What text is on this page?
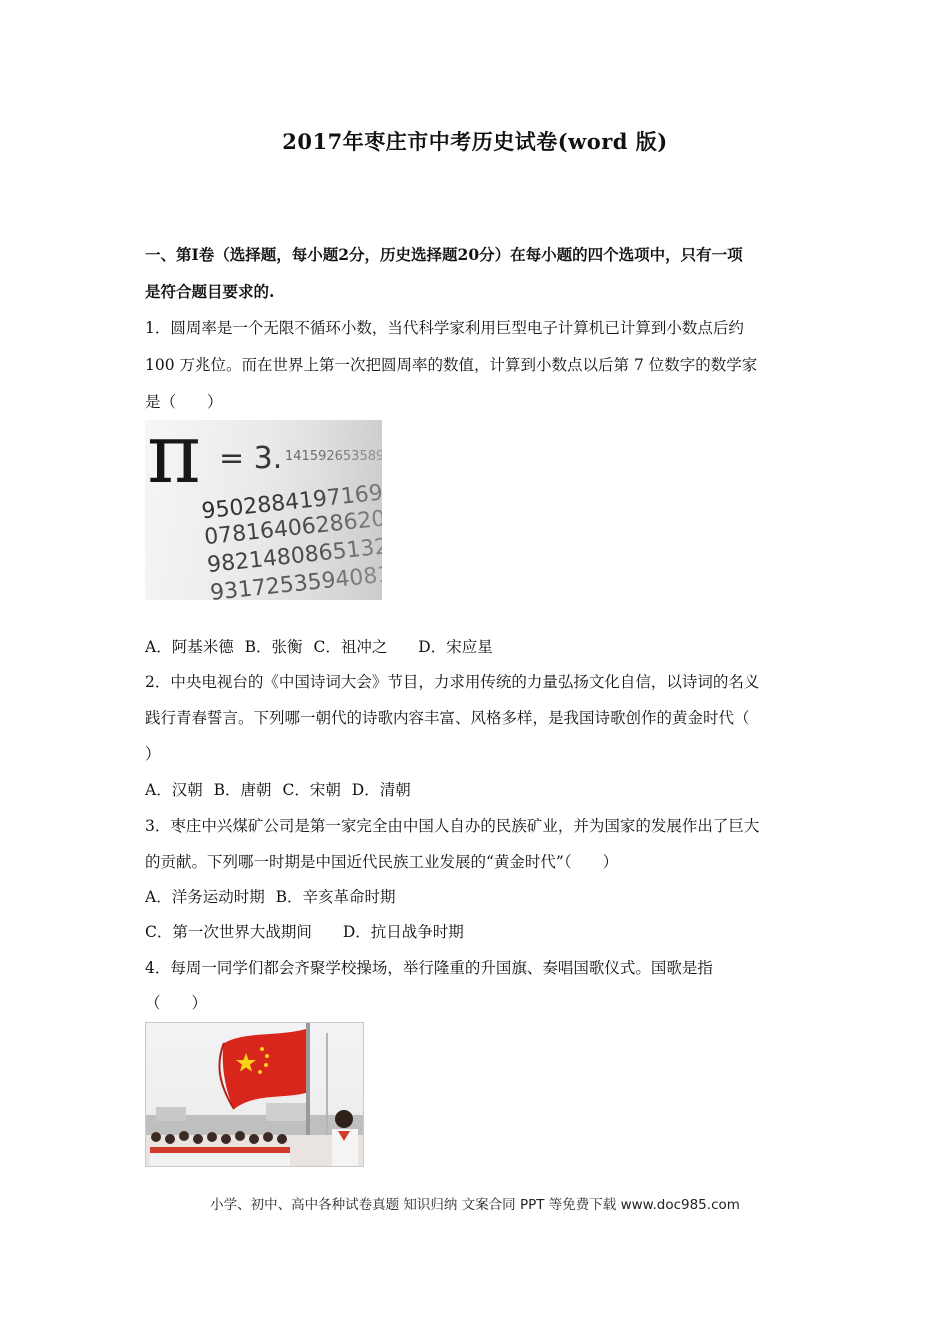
2017年枣庄市中考历史试卷(word 版)
一、第Ⅰ卷（选择题，每小题2分，历史选择题20分）在每小题的四个选项中，只有一项
是符合题目要求的.
1．圆周率是一个无限不循环小数，当代科学家利用巨型电子计算机已计算到小数点后约
100 万兆位。而在世界上第一次把圆周率的数值，计算到小数点以后第 7 位数字的数学家
是（　　）
A．阿基米德 B．张衡 C．祖冲之 D．宋应星
2．中央电视台的《中国诗词大会》节目，力求用传统的力量弘扬文化自信，以诗词的名义
践行青春誓言。下列哪一朝代的诗歌内容丰富、风格多样，是我国诗歌创作的黄金时代（
）
A．汉朝 B．唐朝 C．宋朝 D．清朝
3．枣庄中兴煤矿公司是第一家完全由中国人自办的民族矿业，并为国家的发展作出了巨大
的贡献。下列哪一时期是中国近代民族工业发展的“黄金时代”（　　）
A．洋务运动时期 B．辛亥革命时期
C．第一次世界大战期间 D．抗日战争时期
4．每周一同学们都会齐聚学校操场，举行隆重的升国旗、奏唱国歌仪式。国歌是指
（　　）
小学、初中、高中各种试卷真题 知识归纳 文案合同 PPT 等免费下载 www.doc985.com
